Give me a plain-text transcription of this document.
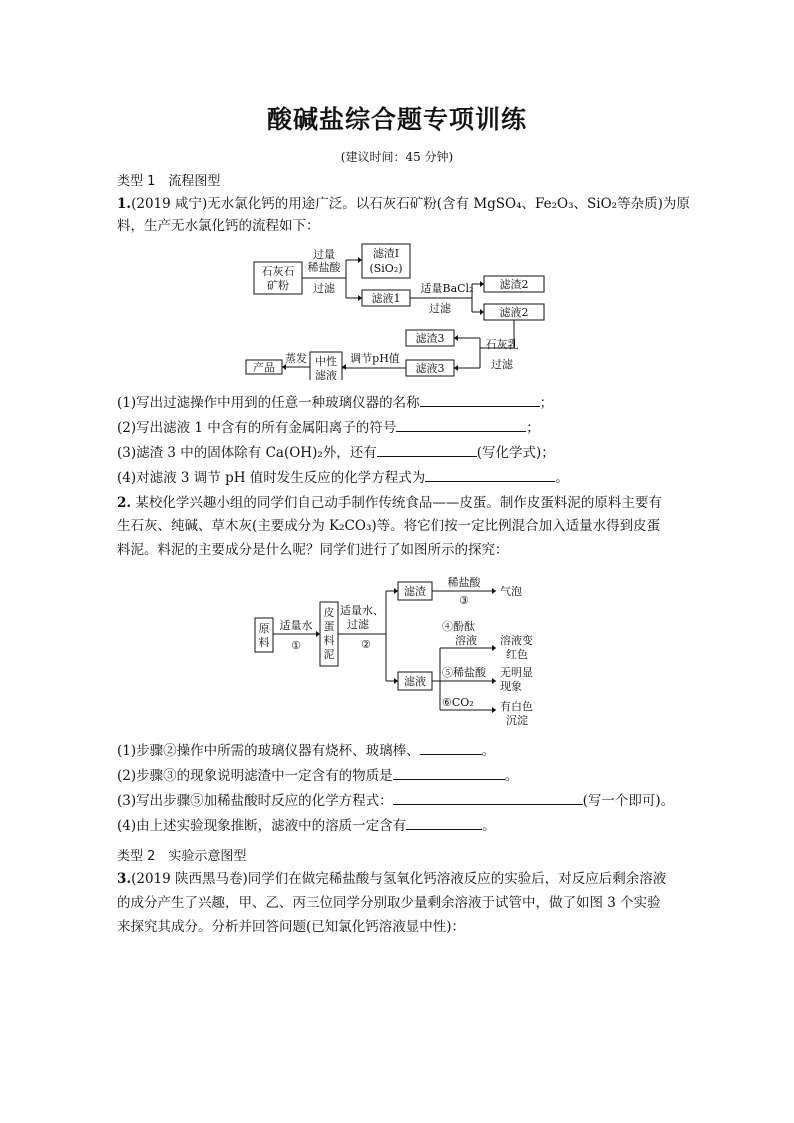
酸碱盐综合题专项训练
(建议时间：45 分钟)
类型 1　流程图型
1.(2019 咸宁)无水氯化钙的用途广泛。以石灰石矿粉(含有 MgSO₄、Fe₂O₃、SiO₂等杂质)为原
料，生产无水氯化钙的流程如下：
石灰石
矿粉
过量
稀盐酸
过滤
滤渣I
(SiO₂)
滤液1
适量BaCl₂
过滤
滤渣2
滤液2
石灰乳
过滤
滤渣3
滤液3
调节pH值
中性
滤液
蒸发
产品
(1)写出过滤操作中用到的任意一种玻璃仪器的名称	；
(2)写出滤液 1 中含有的所有金属阳离子的符号	；
(3)滤渣 3 中的固体除有 Ca(OH)₂外，还有	(写化学式)；
(4)对滤液 3 调节 pH 值时发生反应的化学方程式为	。
2. 某校化学兴趣小组的同学们自己动手制作传统食品——皮蛋。制作皮蛋料泥的原料主要有
生石灰、纯碱、草木灰(主要成分为 K₂CO₃)等。将它们按一定比例混合加入适量水得到皮蛋
料泥。料泥的主要成分是什么呢？同学们进行了如图所示的探究：
原
料
适量水
①
皮
蛋
料
泥
适量水、
过滤
②
滤渣
稀盐酸
③
气泡
滤液
④酚酞
溶液 溶液变
红色
⑤稀盐酸 无明显
现象
⑥CO₂ 有白色
沉淀
(1)步骤②操作中所需的玻璃仪器有烧杯、玻璃棒、	。
(2)步骤③的现象说明滤渣中一定含有的物质是	。
(3)写出步骤⑤加稀盐酸时反应的化学方程式：	(写一个即可)。
(4)由上述实验现象推断，滤液中的溶质一定含有	。
类型 2　实验示意图型
3.(2019 陕西黑马卷)同学们在做完稀盐酸与氢氧化钙溶液反应的实验后，对反应后剩余溶液
的成分产生了兴趣，甲、乙、丙三位同学分别取少量剩余溶液于试管中，做了如图 3 个实验
来探究其成分。分析并回答问题(已知氯化钙溶液显中性)：
